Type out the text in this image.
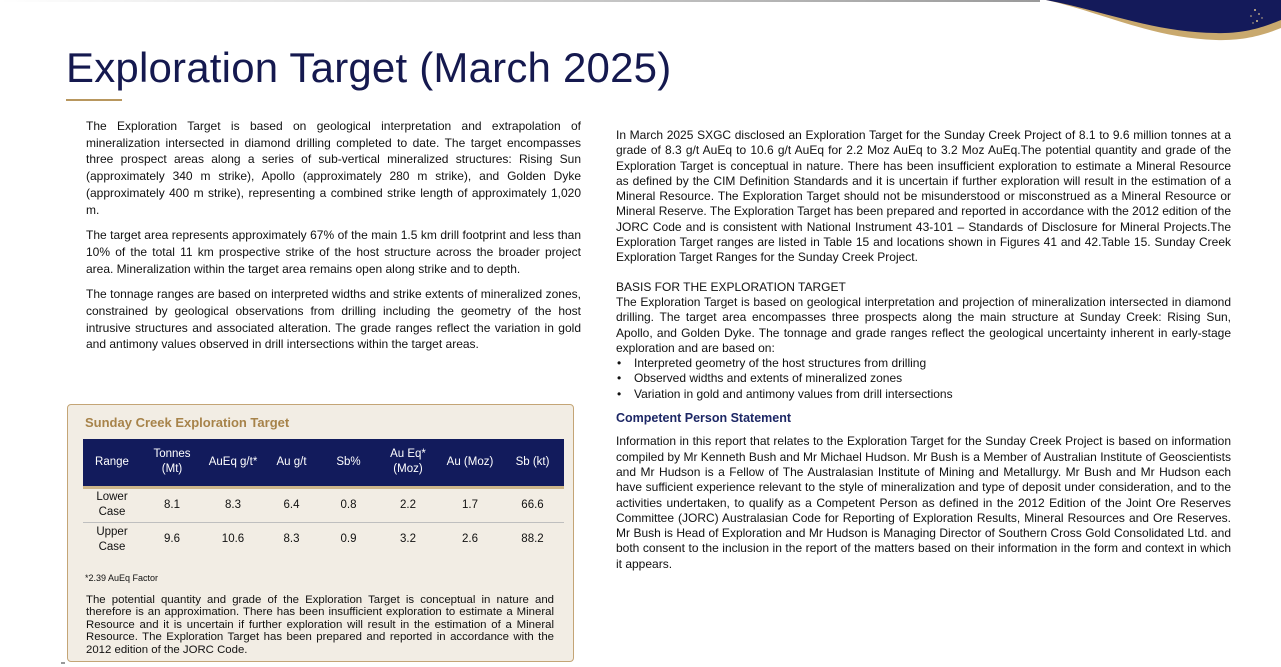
Exploration Target (March 2025)

The Exploration Target is based on geological interpretation and extrapolation of mineralization intersected in diamond drilling completed to date. The target encompasses three prospect areas along a series of sub-vertical mineralized structures: Rising Sun (approximately 340 m strike), Apollo (approximately 280 m strike), and Golden Dyke (approximately 400 m strike), representing a combined strike length of approximately 1,020 m.

The target area represents approximately 67% of the main 1.5 km drill footprint and less than 10% of the total 11 km prospective strike of the host structure across the broader project area. Mineralization within the target area remains open along strike and to depth.

The tonnage ranges are based on interpreted widths and strike extents of mineralized zones, constrained by geological observations from drilling including the geometry of the host intrusive structures and associated alteration. The grade ranges reflect the variation in gold and antimony values observed in drill intersections within the target areas.

Sunday Creek Exploration Target
Range	Tonnes (Mt)	AuEq g/t*	Au g/t	Sb%	Au Eq* (Moz)	Au (Moz)	Sb (kt)
Lower Case	8.1	8.3	6.4	0.8	2.2	1.7	66.6
Upper Case	9.6	10.6	8.3	0.9	3.2	2.6	88.2
*2.39 AuEq Factor
The potential quantity and grade of the Exploration Target is conceptual in nature and therefore is an approximation. There has been insufficient exploration to estimate a Mineral Resource and it is uncertain if further exploration will result in the estimation of a Mineral Resource. The Exploration Target has been prepared and reported in accordance with the 2012 edition of the JORC Code.

In March 2025 SXGC disclosed an Exploration Target for the Sunday Creek Project of 8.1 to 9.6 million tonnes at a grade of 8.3 g/t AuEq to 10.6 g/t AuEq for 2.2 Moz AuEq to 3.2 Moz AuEq.The potential quantity and grade of the Exploration Target is conceptual in nature. There has been insufficient exploration to estimate a Mineral Resource as defined by the CIM Definition Standards and it is uncertain if further exploration will result in the estimation of a Mineral Resource. The Exploration Target should not be misunderstood or misconstrued as a Mineral Resource or Mineral Reserve. The Exploration Target has been prepared and reported in accordance with the 2012 edition of the JORC Code and is consistent with National Instrument 43-101 – Standards of Disclosure for Mineral Projects.The Exploration Target ranges are listed in Table 15 and locations shown in Figures 41 and 42.Table 15. Sunday Creek Exploration Target Ranges for the Sunday Creek Project.

BASIS FOR THE EXPLORATION TARGET
The Exploration Target is based on geological interpretation and projection of mineralization intersected in diamond drilling. The target area encompasses three prospects along the main structure at Sunday Creek: Rising Sun, Apollo, and Golden Dyke. The tonnage and grade ranges reflect the geological uncertainty inherent in early-stage exploration and are based on:
• Interpreted geometry of the host structures from drilling
• Observed widths and extents of mineralized zones
• Variation in gold and antimony values from drill intersections
Competent Person Statement

Information in this report that relates to the Exploration Target for the Sunday Creek Project is based on information compiled by Mr Kenneth Bush and Mr Michael Hudson. Mr Bush is a Member of Australian Institute of Geoscientists and Mr Hudson is a Fellow of The Australasian Institute of Mining and Metallurgy. Mr Bush and Mr Hudson each have sufficient experience relevant to the style of mineralization and type of deposit under consideration, and to the activities undertaken, to qualify as a Competent Person as defined in the 2012 Edition of the Joint Ore Reserves Committee (JORC) Australasian Code for Reporting of Exploration Results, Mineral Resources and Ore Reserves. Mr Bush is Head of Exploration and Mr Hudson is Managing Director of Southern Cross Gold Consolidated Ltd. and both consent to the inclusion in the report of the matters based on their information in the form and context in which it appears.
